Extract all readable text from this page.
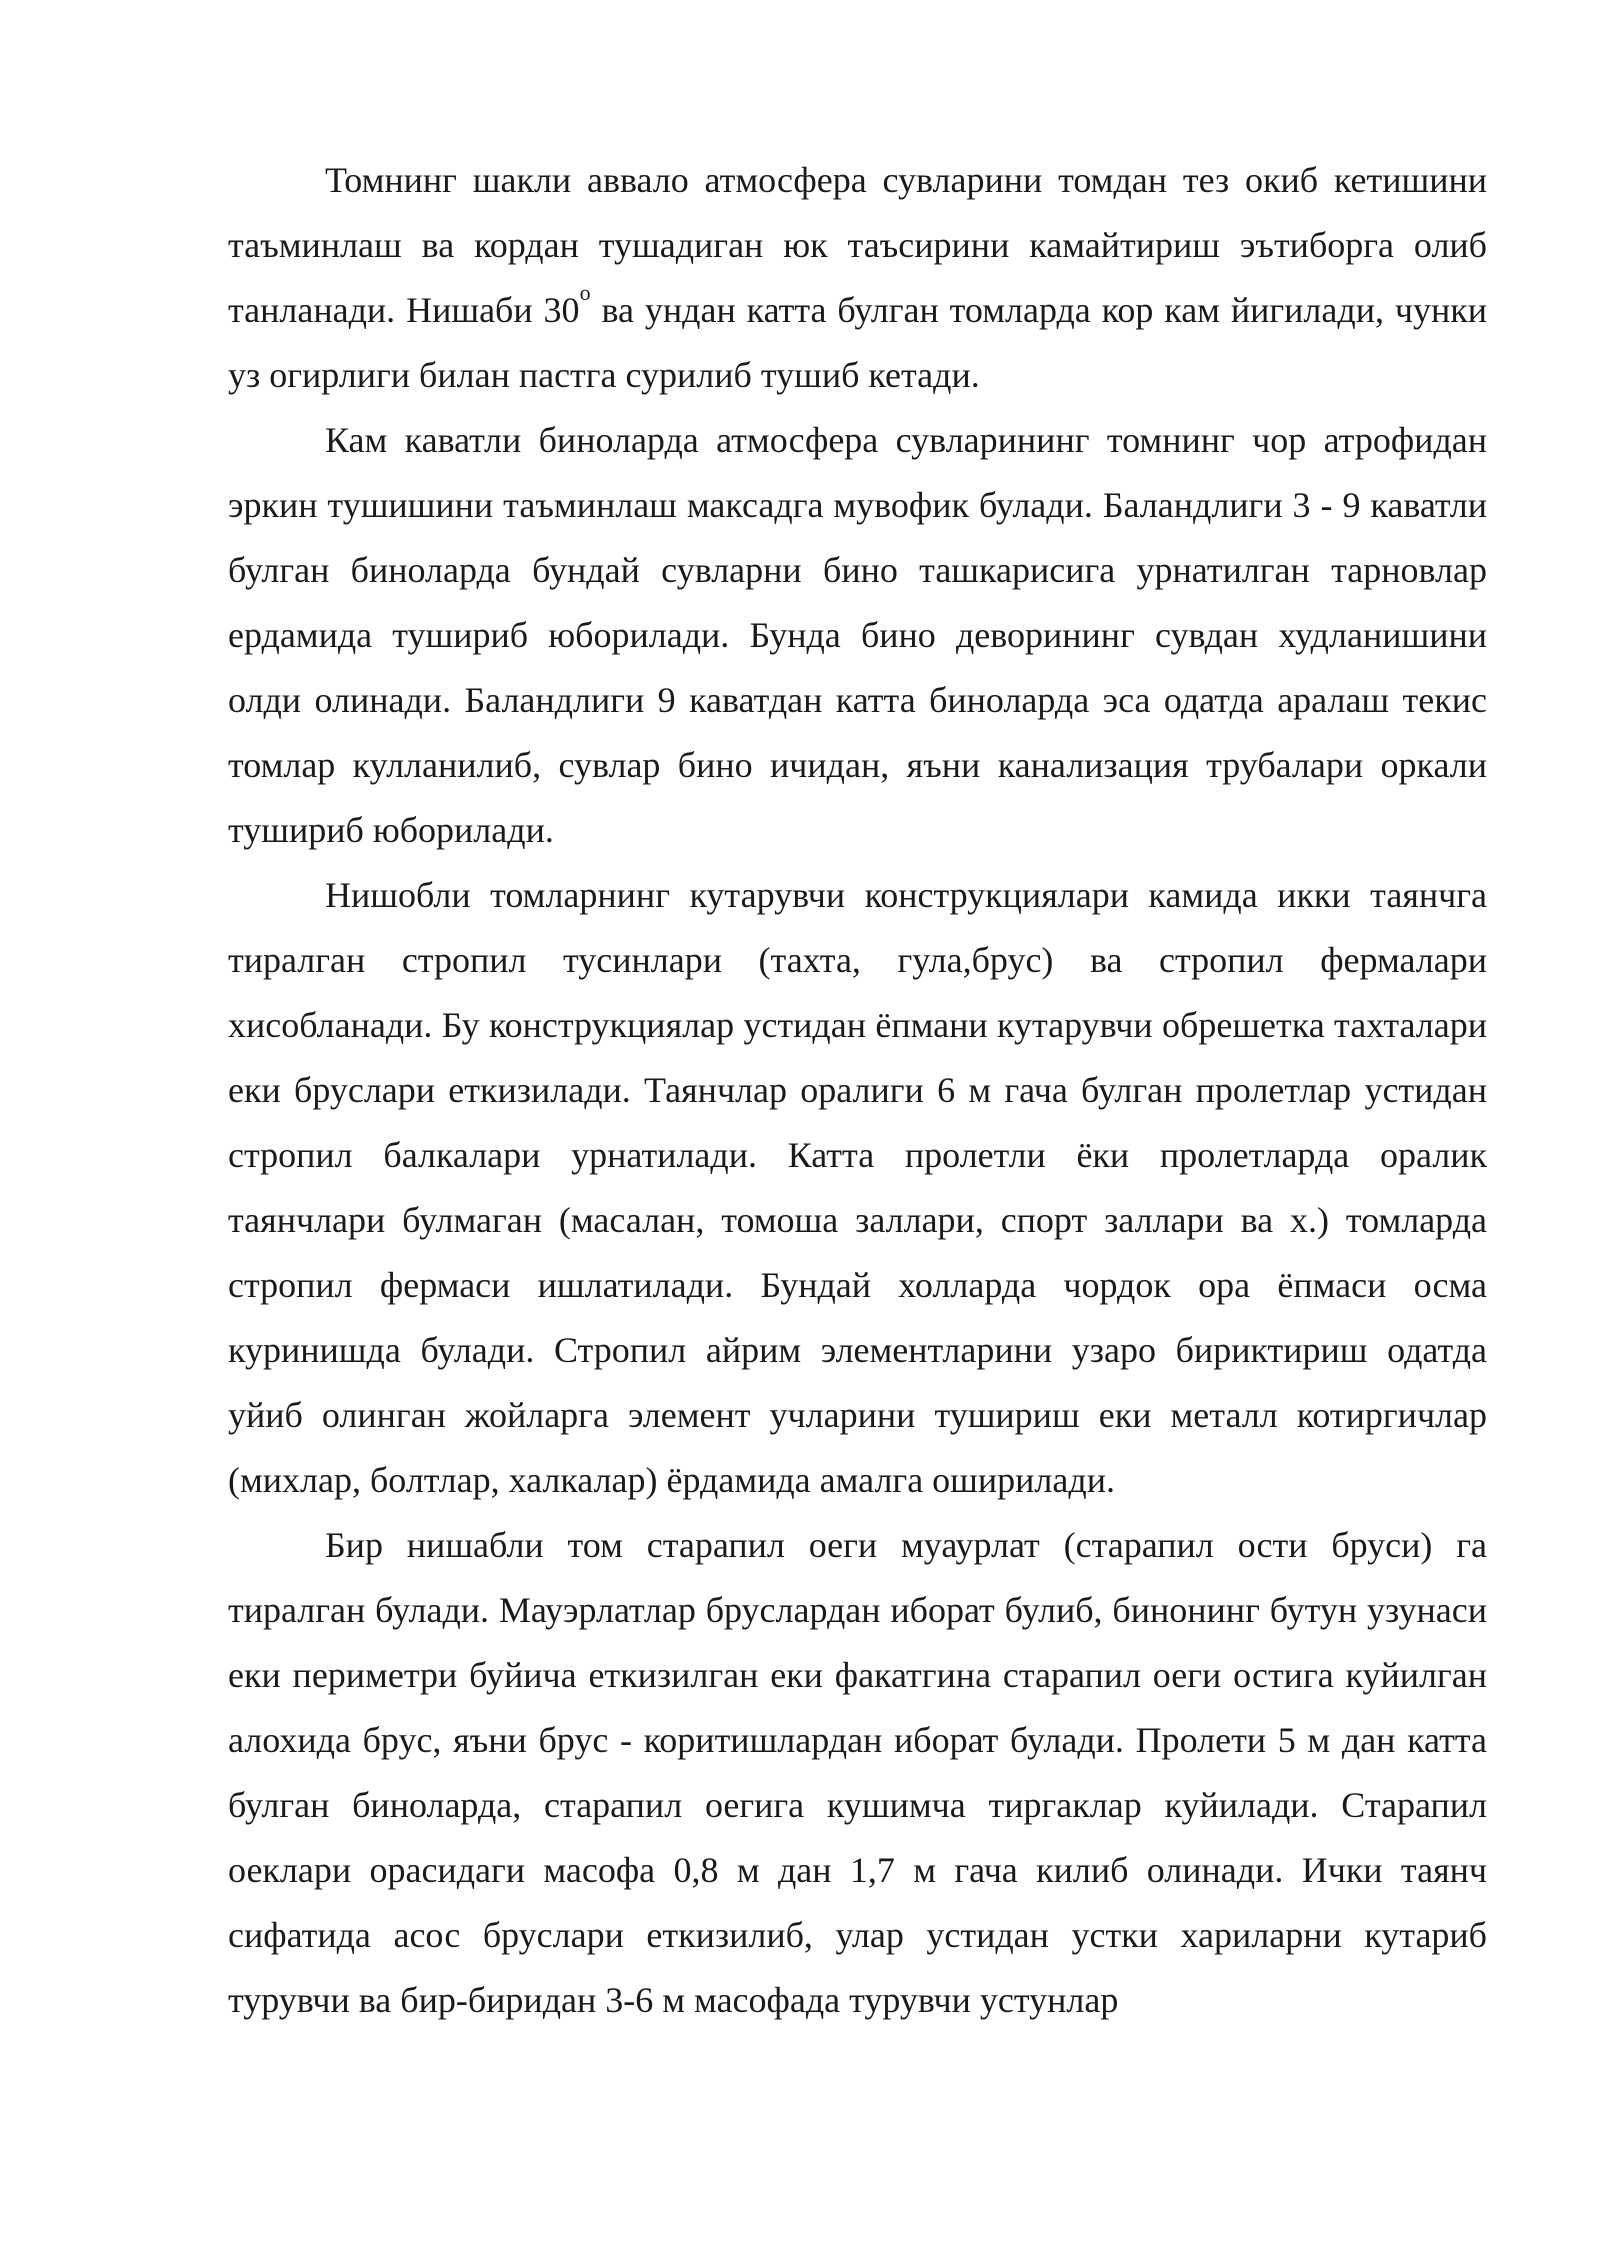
Томнинг шакли аввало атмосфера сувларини томдан тез окиб кетишини таъминлаш ва кордан тушадиган юк таъсирини камайтириш эътиборга олиб танланади. Нишаби $30^о$ ва ундан катта булган томларда кор кам йигилади, чунки уз огирлиги билан пастга сурилиб тушиб кетади.

Кам каватли биноларда атмосфера сувларининг томнинг чор атрофидан эркин тушишини таъминлаш максадга мувофик булади. Баландлиги 3 - 9 каватли булган биноларда бундай сувларни бино ташкарисига урнатилган тарновлар ердамида тушириб юборилади. Бунда бино деворининг сувдан худланишини олди олинади. Баландлиги 9 каватдан катта биноларда эса одатда аралаш текис томлар кулланилиб, сувлар бино ичидан, яъни канализация трубалари оркали тушириб юборилади.

Нишобли томларнинг кутарувчи конструкциялари камида икки таянчга тиралган стропил тусинлари (тахта, гула,брус) ва стропил фермалари хисобланади. Бу конструкциялар устидан ёпмани кутарувчи обрешетка тахталари еки бруслари еткизилади. Таянчлар оралиги 6 м гача булган пролетлар устидан стропил балкалари урнатилади. Катта пролетли ёки пролетларда оралик таянчлари булмаган (масалан, томоша заллари, спорт заллари ва х.) томларда стропил фермаси ишлатилади. Бундай холларда чордок ора ёпмаси осма куринишда булади. Стропил айрим элементларини узаро бириктириш одатда уйиб олинган жойларга элемент учларини тушириш еки металл котиргичлар (михлар, болтлар, халкалар) ёрдамида амалга оширилади.

Бир нишабли том старапил оеги муаурлат (старапил ости бруси) га тиралган булади. Мауэрлатлар бруслардан иборат булиб, бинонинг бутун узунаси еки периметри буйича еткизилган еки факатгина старапил оеги остига куйилган алохида брус, яъни брус - коритишлардан иборат булади. Пролети 5 м дан катта булган биноларда, старапил оегига кушимча тиргаклар куйилади. Старапил оеклари орасидаги масофа 0,8 м дан 1,7 м гача килиб олинади. Ички таянч сифатида асос бруслари еткизилиб, улар устидан устки хариларни кутариб турувчи ва бир-биридан 3-6 м масофада турувчи устунлар
